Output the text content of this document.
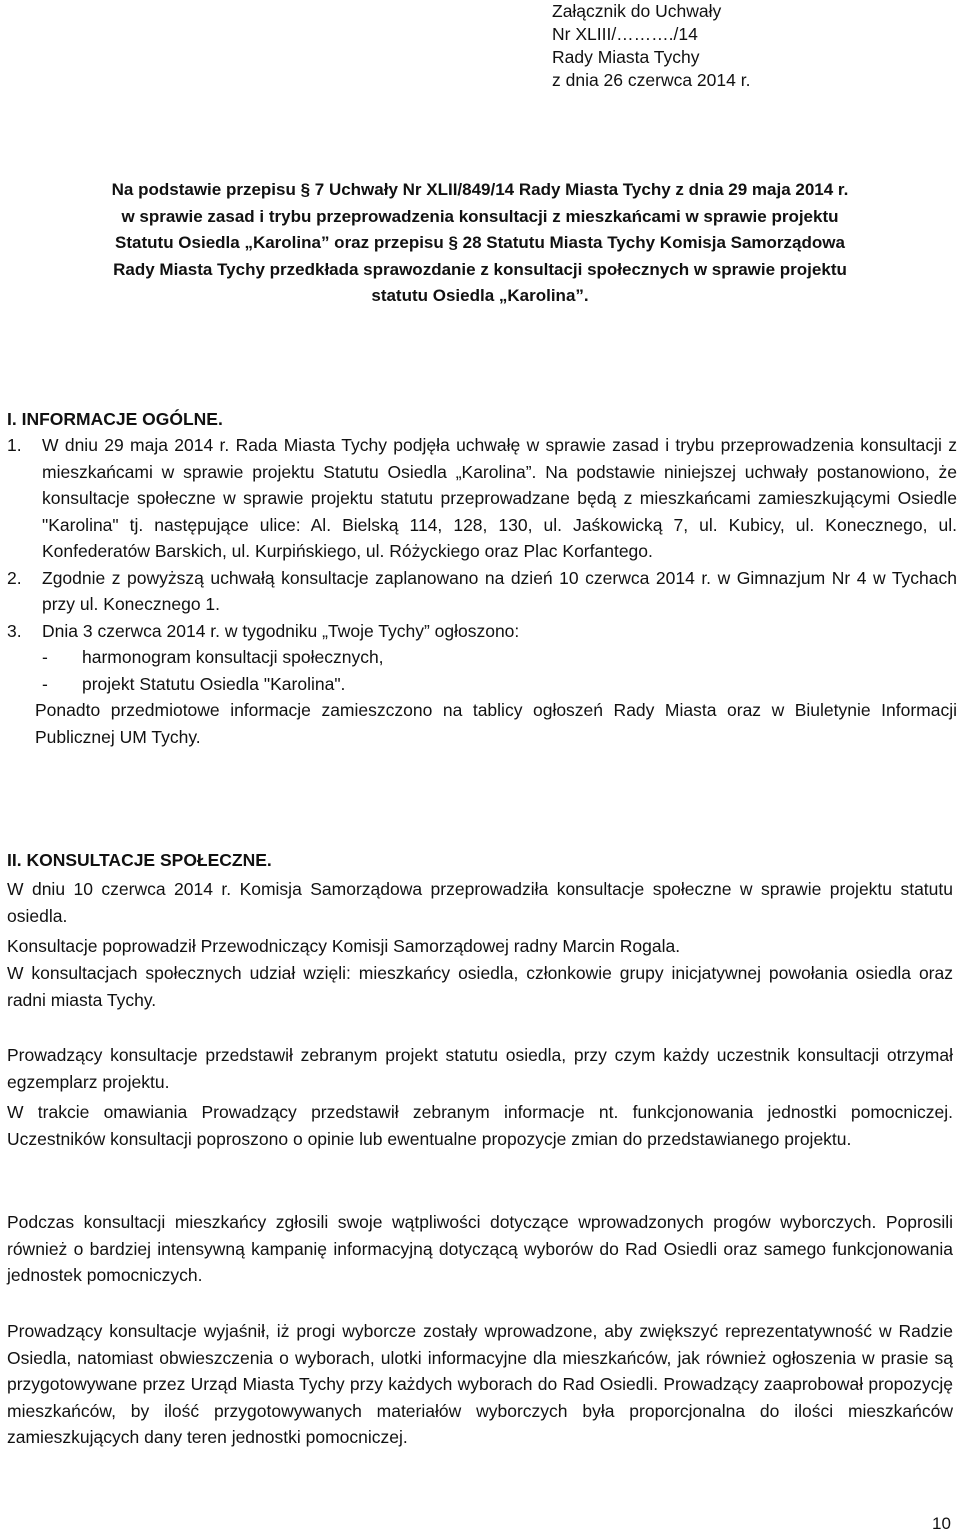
Załącznik do Uchwały
Nr XLIII/………./14
Rady Miasta Tychy
z dnia 26 czerwca 2014 r.
Na podstawie przepisu § 7 Uchwały Nr XLII/849/14 Rady Miasta Tychy z dnia 29 maja 2014 r.
w sprawie zasad i trybu przeprowadzenia konsultacji z mieszkańcami w sprawie projektu
Statutu Osiedla „Karolina” oraz przepisu § 28 Statutu Miasta Tychy Komisja Samorządowa
Rady Miasta Tychy przedkłada sprawozdanie z konsultacji społecznych w sprawie projektu
statutu Osiedla „Karolina”.
I. INFORMACJE OGÓLNE.
1.	W dniu 29 maja 2014 r. Rada Miasta Tychy podjęła uchwałę w sprawie zasad i trybu przeprowadzenia konsultacji z mieszkańcami w sprawie projektu Statutu Osiedla „Karolina”. Na podstawie niniejszej uchwały postanowiono, że konsultacje społeczne w sprawie projektu statutu przeprowadzane będą z mieszkańcami zamieszkującymi Osiedle "Karolina" tj. następujące ulice: Al. Bielską 114, 128, 130, ul. Jaśkowicką 7, ul. Kubicy, ul. Konecznego, ul. Konfederatów Barskich, ul. Kurpińskiego, ul. Różyckiego oraz Plac Korfantego.

2.	Zgodnie z powyższą uchwałą konsultacje zaplanowano na dzień 10 czerwca 2014 r. w Gimnazjum Nr 4 w Tychach przy ul. Konecznego 1.

3.	Dnia 3 czerwca 2014 r. w tygodniku „Twoje Tychy” ogłoszono:

-	harmonogram konsultacji społecznych,
-	projekt Statutu Osiedla "Karolina".

Ponadto przedmiotowe informacje zamieszczono na tablicy ogłoszeń Rady Miasta oraz w Biuletynie Informacji Publicznej UM Tychy.

II. KONSULTACJE SPOŁECZNE.

W dniu 10 czerwca 2014 r. Komisja Samorządowa przeprowadziła konsultacje społeczne w sprawie projektu statutu osiedla.

Konsultacje poprowadził Przewodniczący Komisji Samorządowej radny Marcin Rogala.

W konsultacjach społecznych udział wzięli: mieszkańcy osiedla, członkowie grupy inicjatywnej powołania osiedla oraz radni miasta Tychy.

Prowadzący konsultacje przedstawił zebranym projekt statutu osiedla, przy czym każdy uczestnik konsultacji otrzymał egzemplarz projektu.

W trakcie omawiania Prowadzący przedstawił zebranym informacje nt. funkcjonowania jednostki pomocniczej. Uczestników konsultacji poproszono o opinie lub ewentualne propozycje zmian do przedstawianego projektu.

Podczas konsultacji mieszkańcy zgłosili swoje wątpliwości dotyczące wprowadzonych progów wyborczych. Poprosili również o bardziej intensywną kampanię informacyjną dotyczącą wyborów do Rad Osiedli oraz samego funkcjonowania jednostek pomocniczych.

Prowadzący konsultacje wyjaśnił, iż progi wyborcze zostały wprowadzone, aby zwiększyć reprezentatywność w Radzie Osiedla, natomiast obwieszczenia o wyborach, ulotki informacyjne dla mieszkańców, jak również ogłoszenia w prasie są przygotowywane przez Urząd Miasta Tychy przy każdych wyborach do Rad Osiedli. Prowadzący zaaprobował propozycję mieszkańców, by ilość przygotowywanych materiałów wyborczych była proporcjonalna do ilości mieszkańców zamieszkujących dany teren jednostki pomocniczej.

10
